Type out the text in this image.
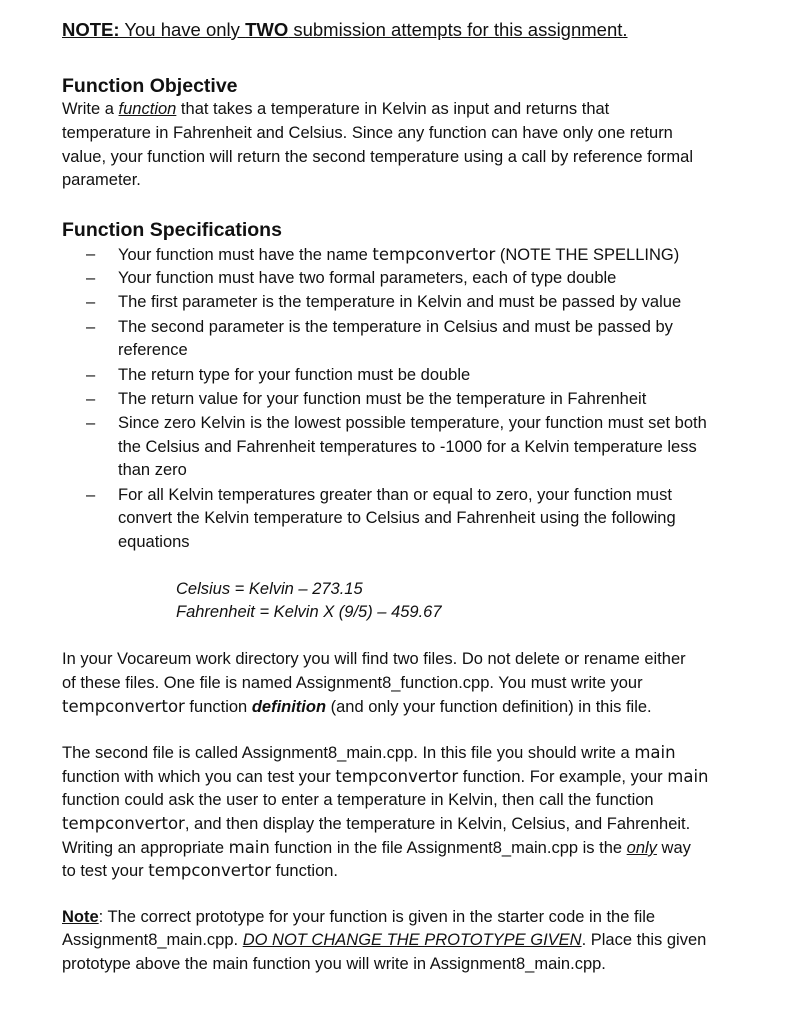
NOTE: You have only TWO submission attempts for this assignment.
Function Objective
Write a function that takes a temperature in Kelvin as input and returns that
temperature in Fahrenheit and Celsius. Since any function can have only one return
value, your function will return the second temperature using a call by reference formal
parameter.
Function Specifications
– Your function must have the name tempconvertor (NOTE THE SPELLING)
– Your function must have two formal parameters, each of type double
– The first parameter is the temperature in Kelvin and must be passed by value
– The second parameter is the temperature in Celsius and must be passed by
reference
– The return type for your function must be double
– The return value for your function must be the temperature in Fahrenheit
– Since zero Kelvin is the lowest possible temperature, your function must set both
the Celsius and Fahrenheit temperatures to -1000 for a Kelvin temperature less
than zero
– For all Kelvin temperatures greater than or equal to zero, your function must
convert the Kelvin temperature to Celsius and Fahrenheit using the following
equations
Celsius = Kelvin – 273.15
Fahrenheit = Kelvin X (9/5) – 459.67
In your Vocareum work directory you will find two files. Do not delete or rename either
of these files. One file is named Assignment8_function.cpp. You must write your
tempconvertor function definition (and only your function definition) in this file.
The second file is called Assignment8_main.cpp. In this file you should write a main
function with which you can test your tempconvertor function. For example, your main
function could ask the user to enter a temperature in Kelvin, then call the function
tempconvertor, and then display the temperature in Kelvin, Celsius, and Fahrenheit.
Writing an appropriate main function in the file Assignment8_main.cpp is the only way
to test your tempconvertor function.
Note: The correct prototype for your function is given in the starter code in the file
Assignment8_main.cpp. DO NOT CHANGE THE PROTOTYPE GIVEN. Place this given
prototype above the main function you will write in Assignment8_main.cpp.
